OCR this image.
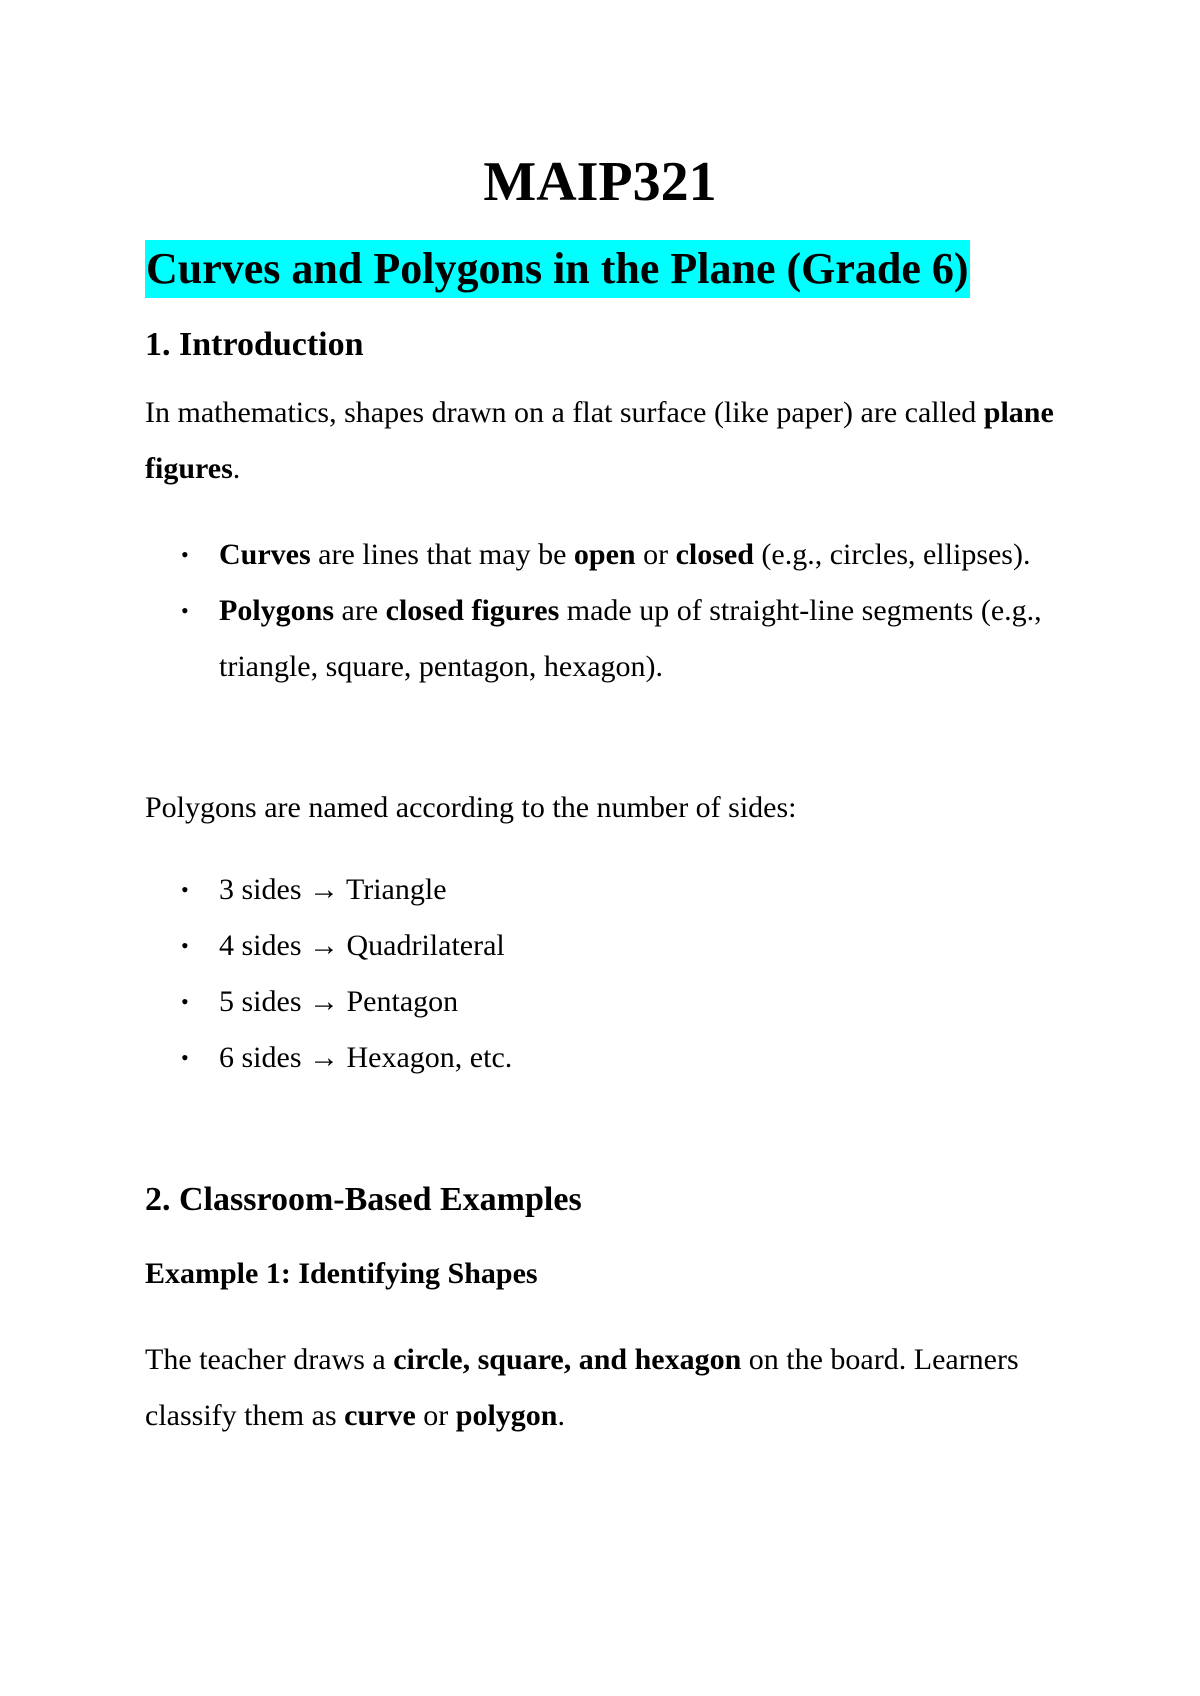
MAIP321
Curves and Polygons in the Plane (Grade 6)
1. Introduction
In mathematics, shapes drawn on a flat surface (like paper) are called plane figures.
• Curves are lines that may be open or closed (e.g., circles, ellipses).
• Polygons are closed figures made up of straight-line segments (e.g., triangle, square, pentagon, hexagon).
Polygons are named according to the number of sides:
• 3 sides → Triangle
• 4 sides → Quadrilateral
• 5 sides → Pentagon
• 6 sides → Hexagon, etc.
2. Classroom-Based Examples
Example 1: Identifying Shapes
The teacher draws a circle, square, and hexagon on the board. Learners classify them as curve or polygon.
